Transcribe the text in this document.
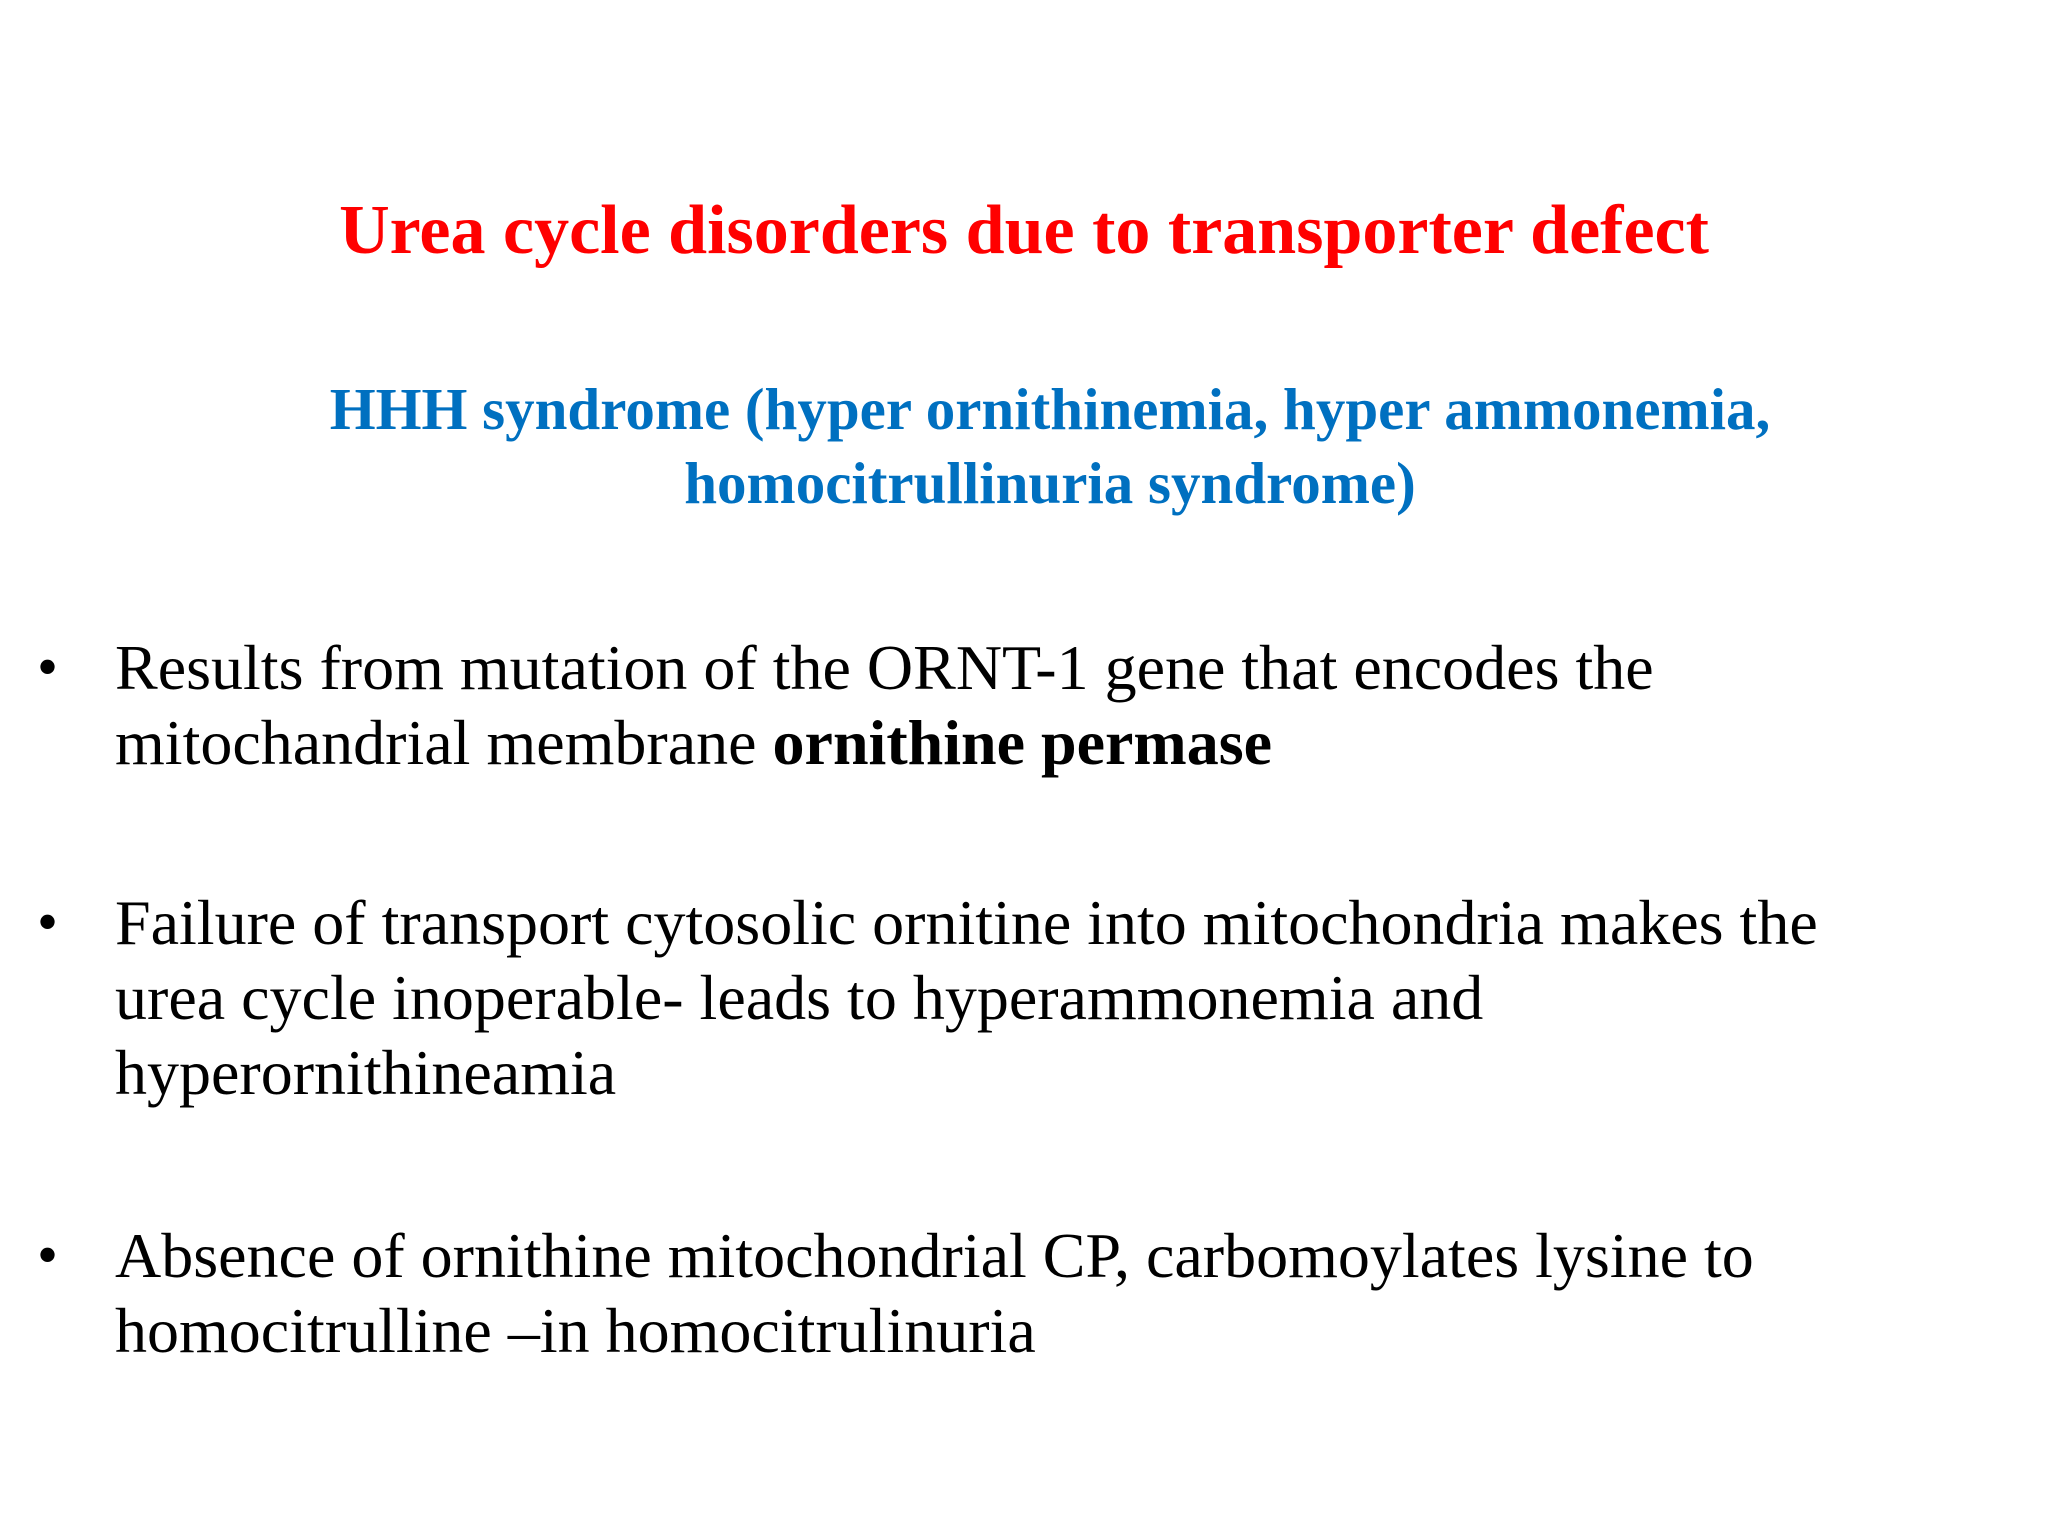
Urea cycle disorders due to transporter defect
HHH syndrome (hyper ornithinemia, hyper ammonemia,
homocitrullinuria syndrome)
• Results from mutation of the ORNT-1 gene that encodes the
mitochandrial membrane ornithine permase
• Failure of transport cytosolic ornitine into mitochondria makes the
urea cycle inoperable- leads to hyperammonemia and
hyperornithineamia
• Absence of ornithine mitochondrial CP, carbomoylates lysine to
homocitrulline –in homocitrulinuria
